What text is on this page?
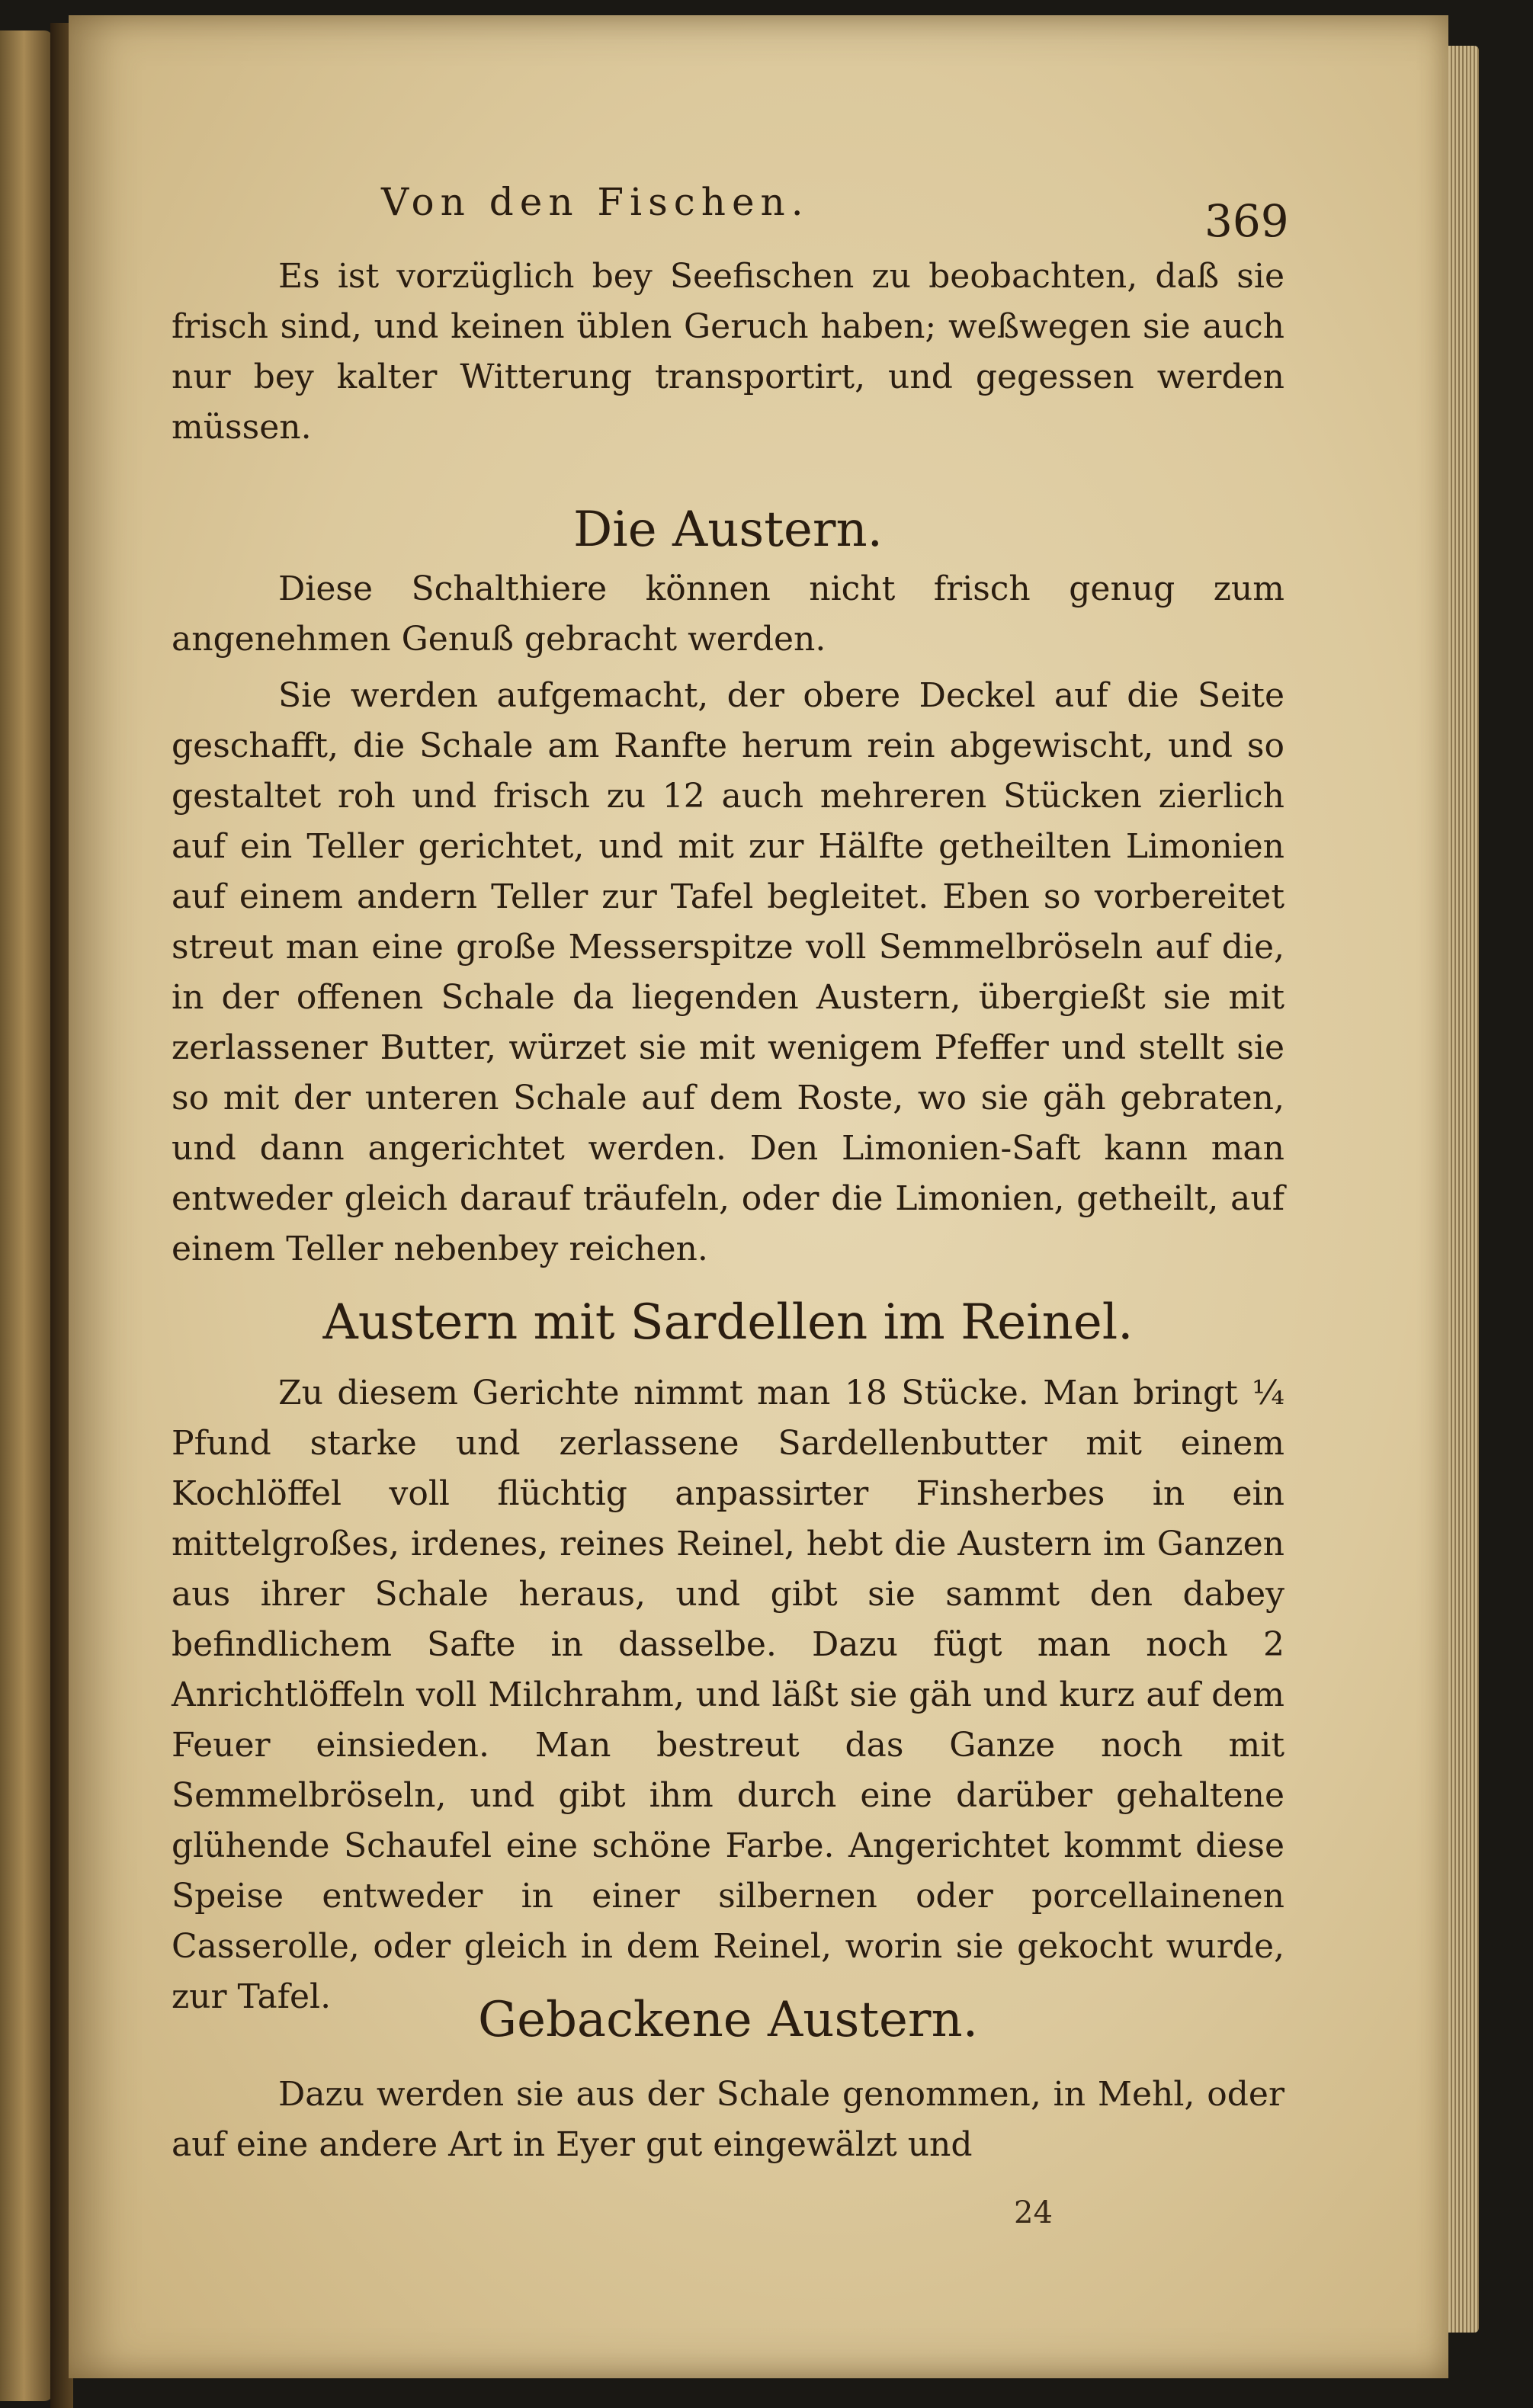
Von den Fischen.	369

Es ist vorzüglich bey Seefischen zu beobachten, daß sie frisch sind, und keinen üblen Geruch haben; weßwegen sie auch nur bey kalter Witterung transportirt, und gegessen werden müssen.

Die Austern.

Diese Schalthiere können nicht frisch genug zum angenehmen Genuß gebracht werden.

Sie werden aufgemacht, der obere Deckel auf die Seite geschafft, die Schale am Ranfte herum rein abgewischt, und so gestaltet roh und frisch zu 12 auch mehreren Stücken zierlich auf ein Teller gerichtet, und mit zur Hälfte getheilten Limonien auf einem andern Teller zur Tafel begleitet. Eben so vorbereitet streut man eine große Messerspitze voll Semmelbröseln auf die, in der offenen Schale da liegenden Austern, übergießt sie mit zerlassener Butter, würzet sie mit wenigem Pfeffer und stellt sie so mit der unteren Schale auf dem Roste, wo sie gäh gebraten, und dann angerichtet werden. Den Limonien-Saft kann man entweder gleich darauf träufeln, oder die Limonien, getheilt, auf einem Teller nebenbey reichen.

Austern mit Sardellen im Reinel.

Zu diesem Gerichte nimmt man 18 Stücke. Man bringt ¼ Pfund starke und zerlassene Sardellenbutter mit einem Kochlöffel voll flüchtig anpassirter Finsherbes in ein mittelgroßes, irdenes, reines Reinel, hebt die Austern im Ganzen aus ihrer Schale heraus, und gibt sie sammt den dabey befindlichem Safte in dasselbe. Dazu fügt man noch 2 Anrichtlöffeln voll Milchrahm, und läßt sie gäh und kurz auf dem Feuer einsieden. Man bestreut das Ganze noch mit Semmelbröseln, und gibt ihm durch eine darüber gehaltene glühende Schaufel eine schöne Farbe. Angerichtet kommt diese Speise entweder in einer silbernen oder porcellainenen Casserolle, oder gleich in dem Reinel, worin sie gekocht wurde, zur Tafel.	Gebackene Austern.

Dazu werden sie aus der Schale genommen, in Mehl, oder auf eine andere Art in Eyer gut eingewälzt und

24
